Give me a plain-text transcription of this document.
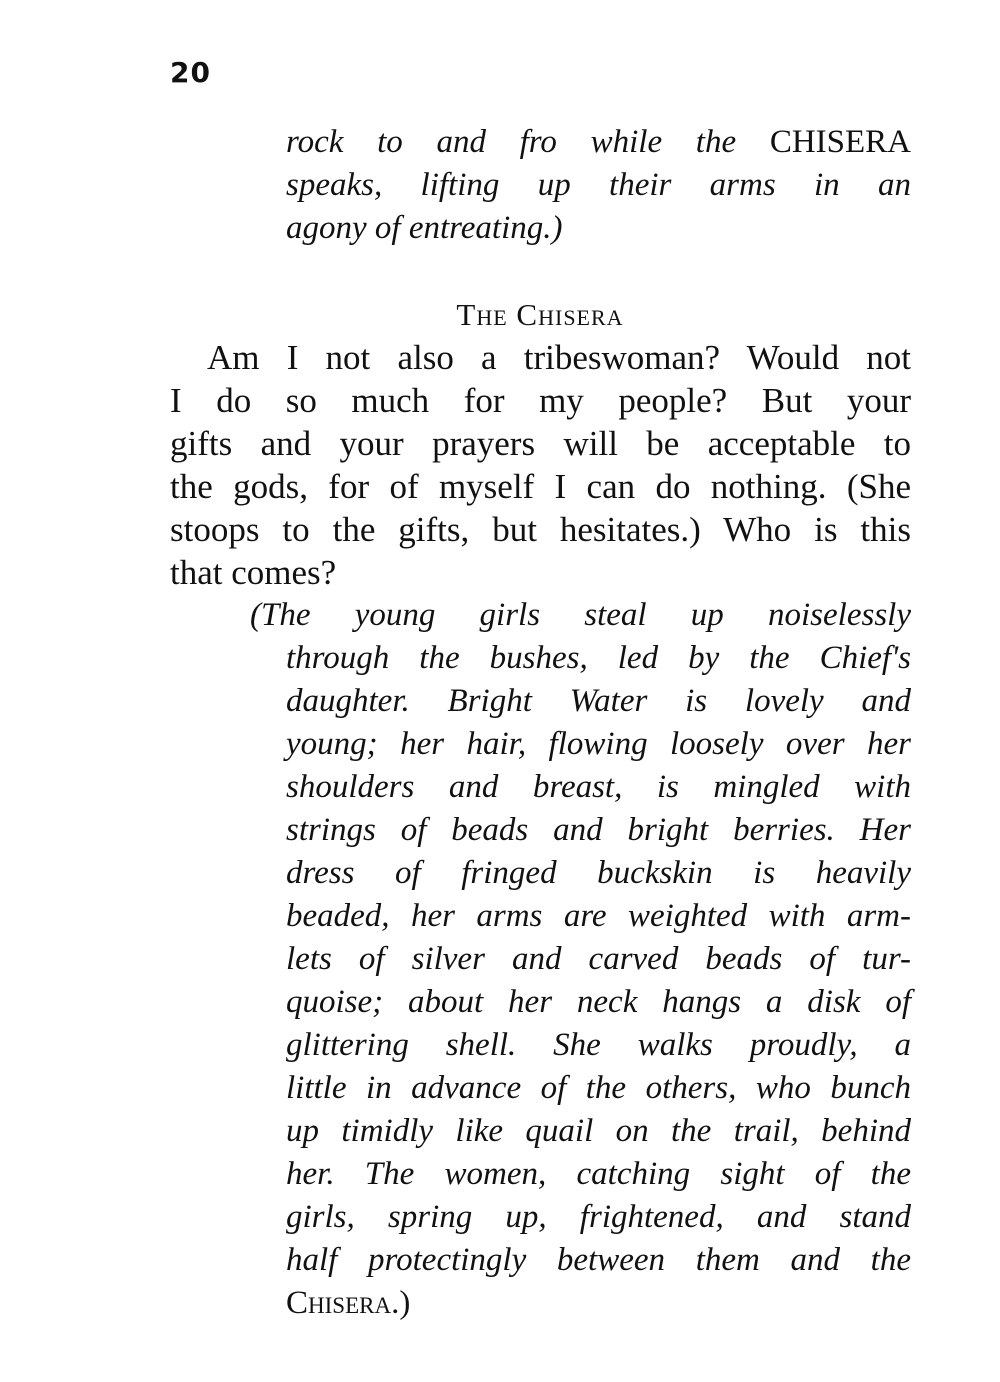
20
rock to and fro while the CHISERA
speaks, lifting up their arms in an
agony of entreating.)
The Chisera
Am I not also a tribeswoman? Would not
I do so much for my people? But your
gifts and your prayers will be acceptable to
the gods, for of myself I can do nothing. (She
stoops to the gifts, but hesitates.) Who is this
that comes?
(The young girls steal up noiselessly
through the bushes, led by the Chief's
daughter. Bright Water is lovely and
young; her hair, flowing loosely over her
shoulders and breast, is mingled with
strings of beads and bright berries. Her
dress of fringed buckskin is heavily
beaded, her arms are weighted with arm-
lets of silver and carved beads of tur-
quoise; about her neck hangs a disk of
glittering shell. She walks proudly, a
little in advance of the others, who bunch
up timidly like quail on the trail, behind
her. The women, catching sight of the
girls, spring up, frightened, and stand
half protectingly between them and the
Chisera.)
